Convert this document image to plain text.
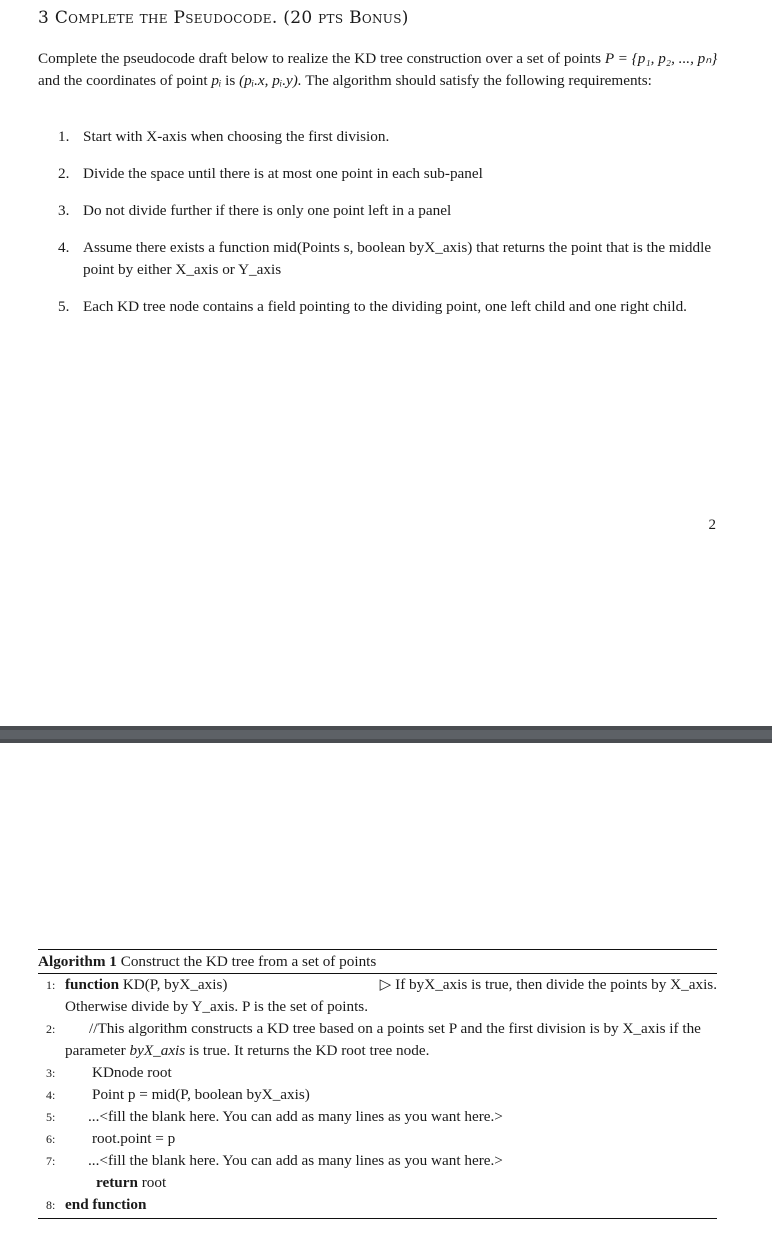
3 Complete the Pseudocode. (20 pts Bonus)
Complete the pseudocode draft below to realize the KD tree construction over a set of points P = {p₁, p₂, ..., pₙ} and the coordinates of point pᵢ is (pᵢ.x, pᵢ.y). The algorithm should satisfy the following requirements:
1. Start with X-axis when choosing the first division.
2. Divide the space until there is at most one point in each sub-panel
3. Do not divide further if there is only one point left in a panel
4. Assume there exists a function mid(Points s, boolean byX_axis) that returns the point that is the middle point by either X_axis or Y_axis
5. Each KD tree node contains a field pointing to the dividing point, one left child and one right child.
2
Algorithm 1 Construct the KD tree from a set of points
1: function KD(P, byX_axis)	▷ If byX_axis is true, then divide the points by X_axis.
Otherwise divide by Y_axis. P is the set of points.
2: //This algorithm constructs a KD tree based on a points set P and the first division is by X_axis if the parameter byX_axis is true. It returns the KD root tree node.
3: KDnode root
4: Point p = mid(P, boolean byX_axis)
5: ...<fill the blank here. You can add as many lines as you want here.>
6: root.point = p
7: ...<fill the blank here. You can add as many lines as you want here.>
return root
8: end function
